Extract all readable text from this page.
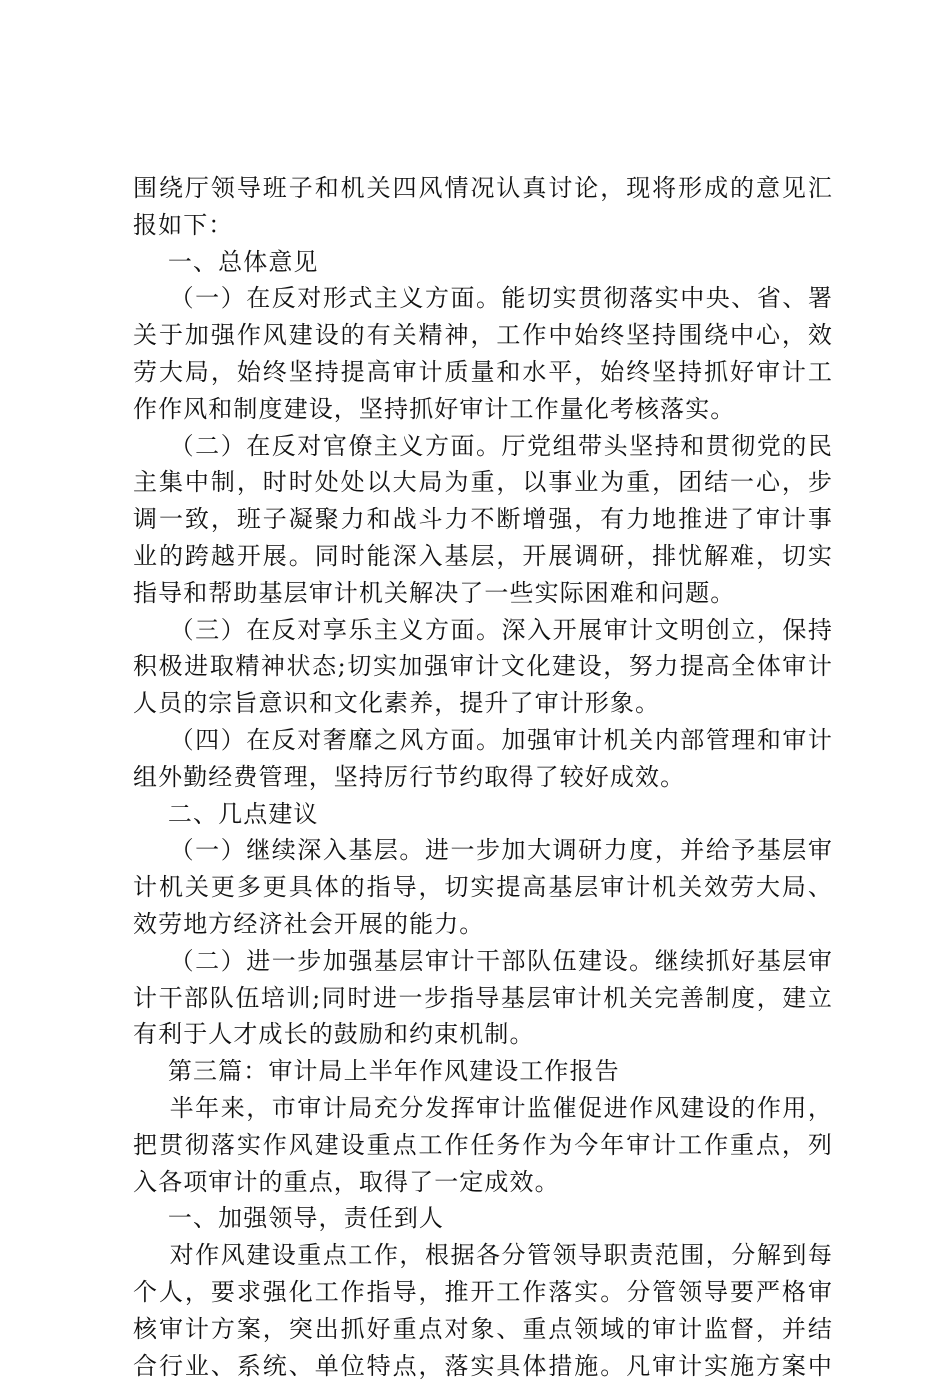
围绕厅领导班子和机关四风情况认真讨论，现将形成的意见汇
报如下：
一、总体意见
（一）在反对形式主义方面。能切实贯彻落实中央、省、署
关于加强作风建设的有关精神，工作中始终坚持围绕中心，效
劳大局，始终坚持提高审计质量和水平，始终坚持抓好审计工
作作风和制度建设，坚持抓好审计工作量化考核落实。
（二）在反对官僚主义方面。厅党组带头坚持和贯彻党的民
主集中制，时时处处以大局为重，以事业为重，团结一心，步
调一致，班子凝聚力和战斗力不断增强，有力地推进了审计事
业的跨越开展。同时能深入基层，开展调研，排忧解难，切实
指导和帮助基层审计机关解决了一些实际困难和问题。
（三）在反对享乐主义方面。深入开展审计文明创立，保持
积极进取精神状态;切实加强审计文化建设，努力提高全体审计
人员的宗旨意识和文化素养，提升了审计形象。
（四）在反对奢靡之风方面。加强审计机关内部管理和审计
组外勤经费管理，坚持厉行节约取得了较好成效。
二、几点建议
（一）继续深入基层。进一步加大调研力度，并给予基层审
计机关更多更具体的指导，切实提高基层审计机关效劳大局、
效劳地方经济社会开展的能力。
（二）进一步加强基层审计干部队伍建设。继续抓好基层审
计干部队伍培训;同时进一步指导基层审计机关完善制度，建立
有利于人才成长的鼓励和约束机制。
第三篇：审计局上半年作风建设工作报告
半年来，市审计局充分发挥审计监催促进作风建设的作用，
把贯彻落实作风建设重点工作任务作为今年审计工作重点，列
入各项审计的重点，取得了一定成效。
一、加强领导，责任到人
对作风建设重点工作，根据各分管领导职责范围，分解到每
个人，要求强化工作指导，推开工作落实。分管领导要严格审
核审计方案，突出抓好重点对象、重点领域的审计监督，并结
合行业、系统、单位特点，落实具体措施。凡审计实施方案中
